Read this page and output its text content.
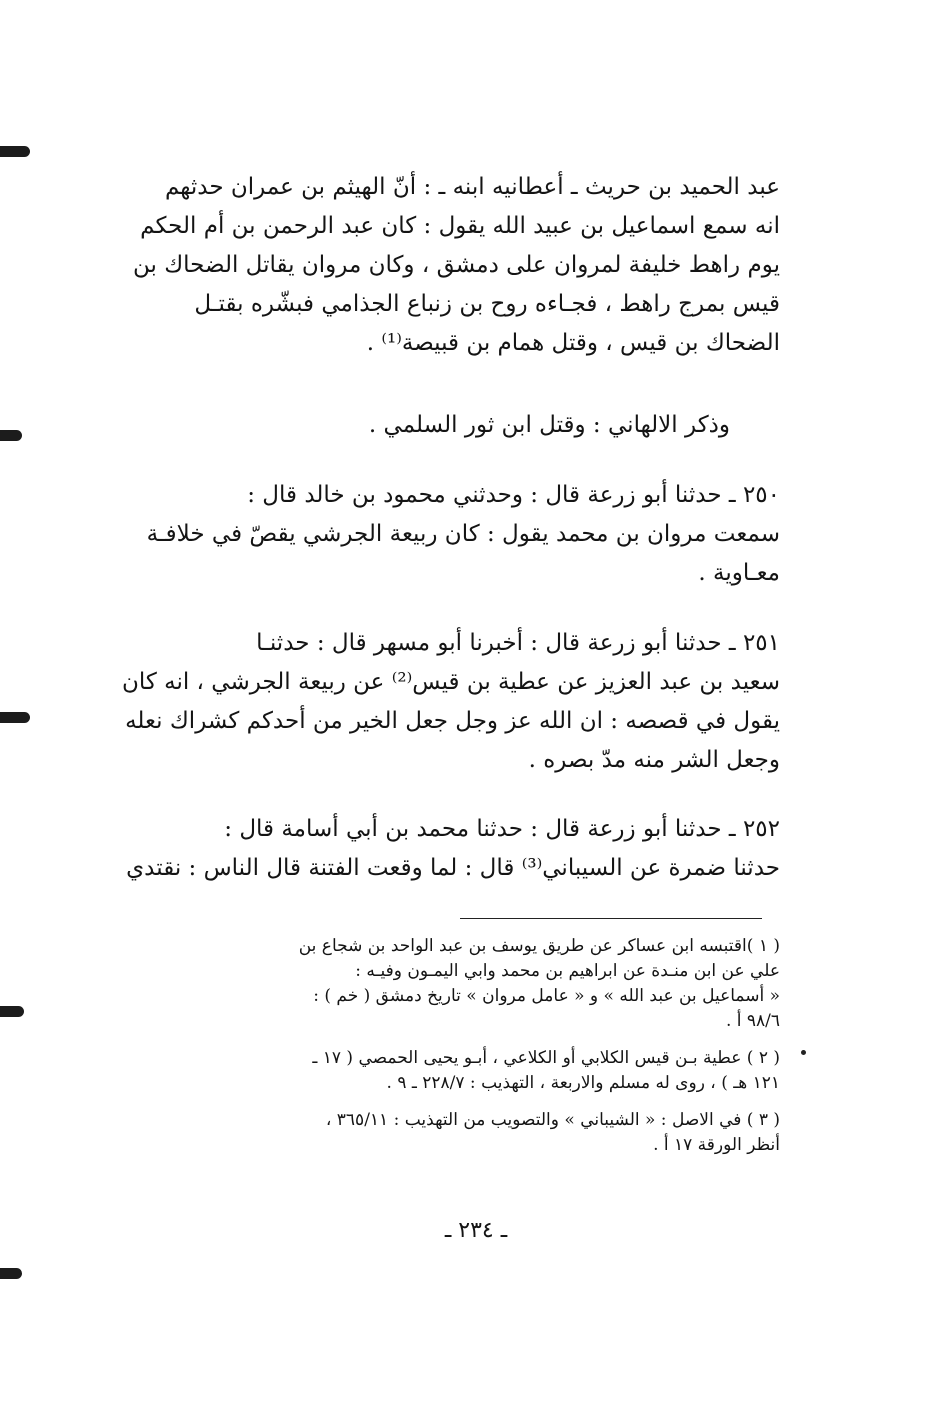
عبد الحميد بن حريث ـ أعطانيه ابنه ـ : أنّ الهيثم بن عمران حدثهم
انه سمع اسماعيل بن عبيد الله يقول : كان عبد الرحمن بن أم الحكم
يوم راهط خليفة لمروان على دمشق ، وكان مروان يقاتل الضحاك بن
قيس بمرج راهط ، فجـاءه روح بن زنباع الجذامي فبشّره بقتـل
الضحاك بن قيس ، وقتل همام بن قبيصة⁽¹⁾ .
وذكر الالهاني : وقتل ابن ثور السلمي .
٢٥٠ ـ حدثنا أبو زرعة قال : وحدثني محمود بن خالد قال :
سمعت مروان بن محمد يقول : كان ربيعة الجرشي يقصّ في خلافـة
معـاوية .
٢٥١ ـ حدثنا أبو زرعة قال : أخبرنا أبو مسهر قال : حدثنـا
سعيد بن عبد العزيز عن عطية بن قيس⁽²⁾ عن ربيعة الجرشي ، انه كان
يقول في قصصه : ان الله عز وجل جعل الخير من أحدكم كشراك نعله
وجعل الشر منه مدّ بصره .
٢٥٢ ـ حدثنا أبو زرعة قال : حدثنا محمد بن أبي أسامة قال :
حدثنا ضمرة عن السيباني⁽³⁾ قال : لما وقعت الفتنة قال الناس : نقتدي
( ١ )اقتبسه ابن عساكر عن طريق يوسف بن عبد الواحد بن شجاع بن
علي عن ابن منـدة عن ابراهيم بن محمد وابي اليمـون وفيـه :
« أسماعيل بن عبد الله » و « عامل مروان » تاريخ دمشق ( خم ) :
٩٨/٦ أ .
( ٢ ) عطية بـن قيس الكلابي أو الكلاعي ، أبـو يحيى الحمصي ( ١٧ ـ
١٢١ هـ ) ، روى له مسلم والاربعة ، التهذيب : ٢٢٨/٧ ـ ٩ .
( ٣ ) في الاصل : « الشيباني » والتصويب من التهذيب : ٣٦٥/١١ ،
أنظر الورقة ١٧ أ .
ـ ٢٣٤ ـ
